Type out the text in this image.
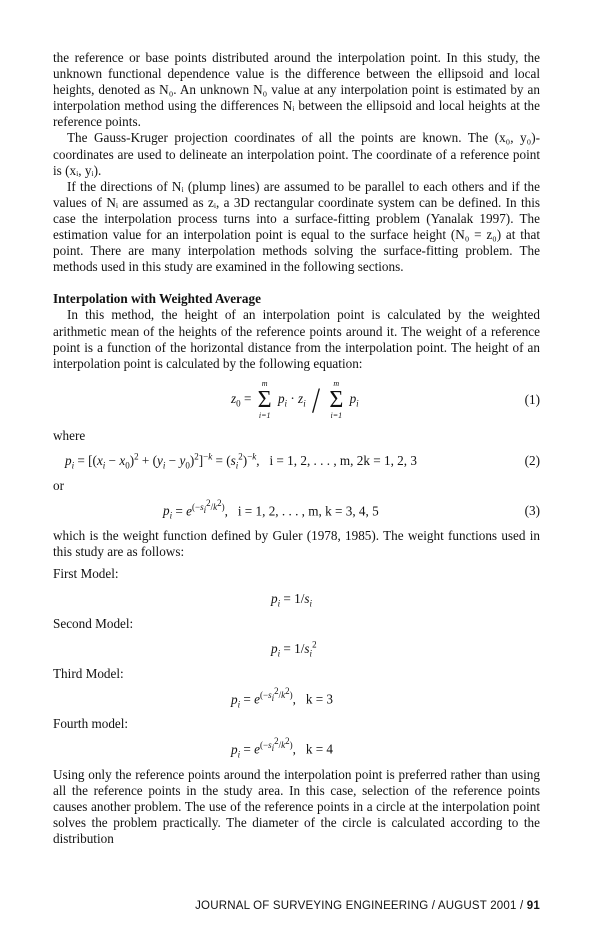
the reference or base points distributed around the interpolation point. In this study, the unknown functional dependence value is the difference between the ellipsoid and local heights, denoted as N₀. An unknown N₀ value at any interpolation point is estimated by an interpolation method using the differences Nᵢ between the ellipsoid and local heights at the reference points.

The Gauss-Kruger projection coordinates of all the points are known. The (x₀, y₀)-coordinates are used to delineate an interpolation point. The coordinate of a reference point is (xᵢ, yᵢ).

If the directions of Nᵢ (plump lines) are assumed to be parallel to each others and if the values of Nᵢ are assumed as zᵢ, a 3D rectangular coordinate system can be defined. In this case the interpolation process turns into a surface-fitting problem (Yanalak 1997). The estimation value for an interpolation point is equal to the surface height (N₀ = z₀) at that point. There are many interpolation methods solving the surface-fitting problem. The methods used in this study are examined in the following sections.

Interpolation with Weighted Average

In this method, the height of an interpolation point is calculated by the weighted arithmetic mean of the heights of the reference points around it. The weight of a reference point is a function of the horizontal distance from the interpolation point. The height of an interpolation point is calculated by the following equation:

$z_0$ =
m
Σ
i=1
$p_i \cdot z_i / m$
Σ
i=1
$p_i$	(1)

where

$p_i = [(x_i - x_0)^2 + (y_i - y_0)^2]^{-k} = (s_i^2)^{-k}$,   i = 1, 2, . . . , m, 2k = 1, 2, 3	(2)

or

$p_i = e^{(-s_i^2/k^2)}$,   i = 1, 2, . . . , m, k = 3, 4, 5	(3)

which is the weight function defined by Guler (1978, 1985). The weight functions used in this study are as follows:

First Model:

$p_i = 1/s_i$

Second Model:

$p_i = 1/s_i^2$

Third Model:

$p_i = e^{(-s_i^2/k^2)}$,   k = 3

Fourth model:

$p_i = e^{(-s_i^2/k^2)}$,   k = 4

Using only the reference points around the interpolation point is preferred rather than using all the reference points in the study area. In this case, selection of the reference points causes another problem. The use of the reference points in a circle at the interpolation point solves the problem practically. The diameter of the circle is calculated according to the distribution

JOURNAL OF SURVEYING ENGINEERING / AUGUST 2001 / 91
